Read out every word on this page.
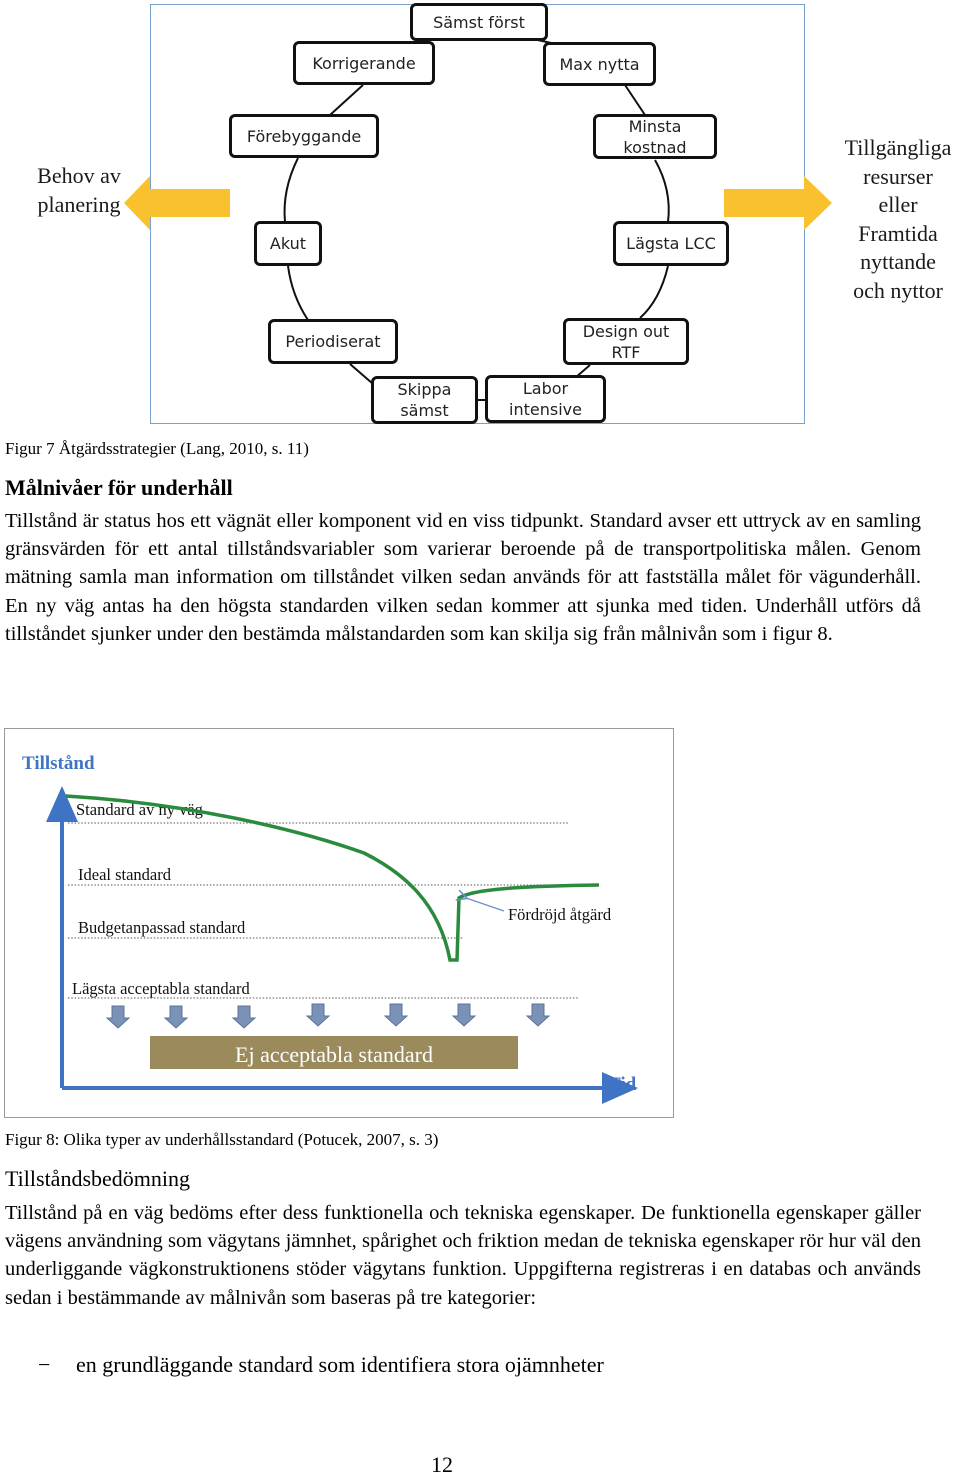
Sämst först
Korrigerande	Max nytta
Förebyggande
Minsta
kostnad
Akut	Lägsta LCC
Periodiserat
Design out
RTF
Skippa
sämst
Labor
intensive
Behov av
planering
Tillgängliga
resurser
eller
Framtida
nyttande
och nyttor
Figur 7 Åtgärdsstrategier (Lang, 2010, s. 11)
Målnivåer för underhåll
Tillstånd är status hos ett vägnät eller komponent vid en viss tidpunkt. Standard avser ett uttryck av en samling gränsvärden för ett antal tillståndsvariabler som varierar beroende på de transportpolitiska målen. Genom mätning samla man information om tillståndet vilken sedan används för att fastställa målet för vägunderhåll. En ny väg antas ha den högsta standarden vilken sedan kommer att sjunka med tiden. Underhåll utförs då tillståndet sjunker under den bestämda målstandarden som kan skilja sig från målnivån som i figur 8.
Tillstånd
Tid
Standard av ny väg
Ideal standard
Budgetanpassad standard
Lägsta acceptabla standard
Fördröjd åtgärd
Ej acceptabla standard
Figur 8: Olika typer av underhållsstandard (Potucek, 2007, s. 3)
Tillståndsbedömning
Tillstånd på en väg bedöms efter dess funktionella och tekniska egenskaper. De funktionella egenskaper gäller vägens användning som vägytans jämnhet, spårighet och friktion medan de tekniska egenskaper rör hur väl den underliggande vägkonstruktionens stöder vägytans funktion. Uppgifterna registreras i en databas och används sedan i bestämmande av målnivån som baseras på tre kategorier:
− en grundläggande standard som identifiera stora ojämnheter
12
